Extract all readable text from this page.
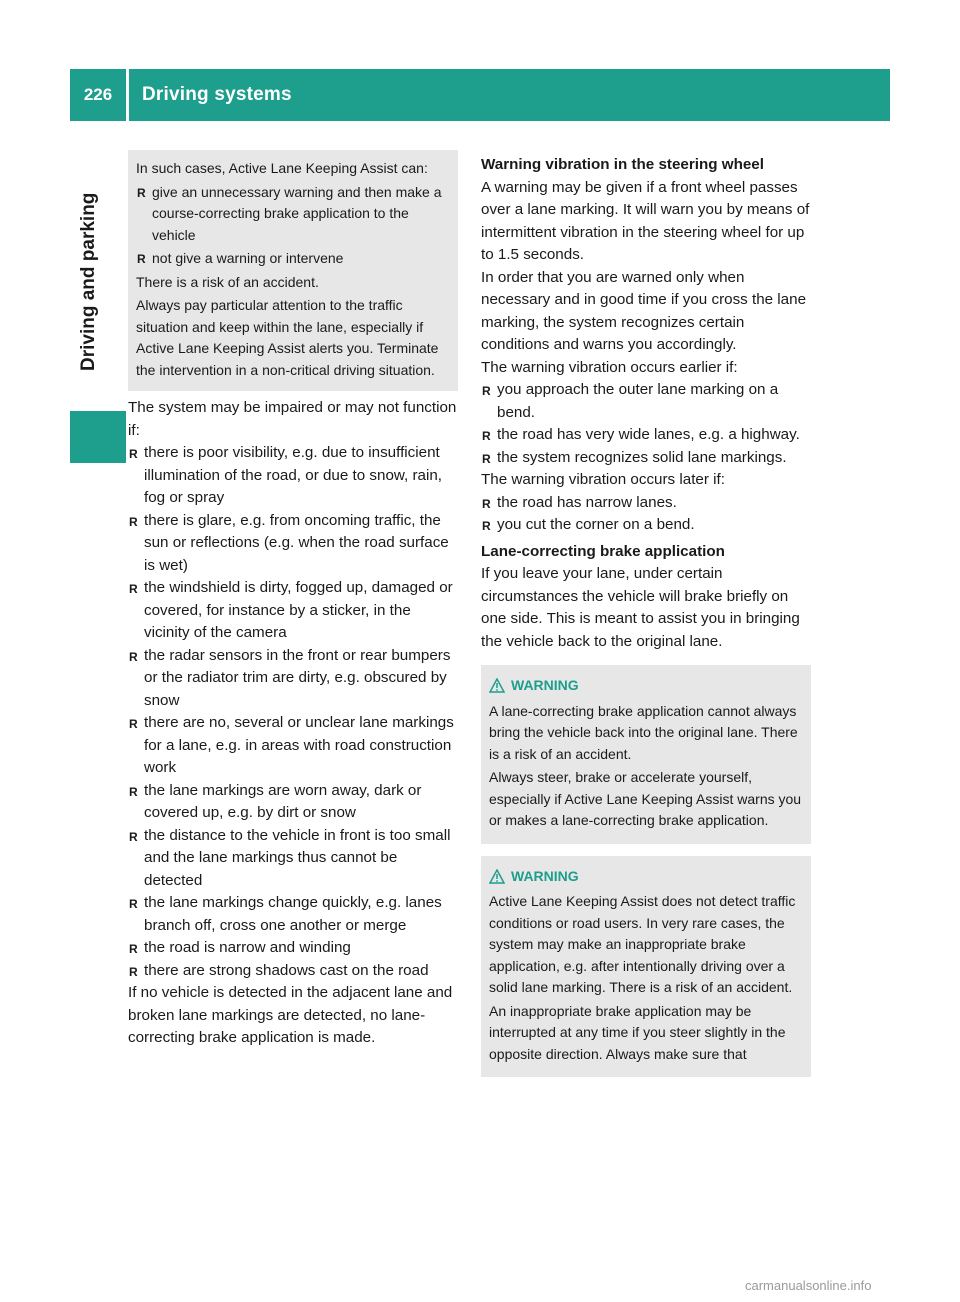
226	Driving systems
Driving and parking

In such cases, Active Lane Keeping Assist can:

R give an unnecessary warning and then make a course-correcting brake application to the vehicle

R not give a warning or intervene

There is a risk of an accident.

Always pay particular attention to the traffic situation and keep within the lane, especially if Active Lane Keeping Assist alerts you. Terminate the intervention in a non-critical driving situation.

The system may be impaired or may not function if:

R there is poor visibility, e.g. due to insufficient illumination of the road, or due to snow, rain, fog or spray

R there is glare, e.g. from oncoming traffic, the sun or reflections (e.g. when the road surface is wet)

R the windshield is dirty, fogged up, damaged or covered, for instance by a sticker, in the vicinity of the camera

R the radar sensors in the front or rear bumpers or the radiator trim are dirty, e.g. obscured by snow

R there are no, several or unclear lane markings for a lane, e.g. in areas with road construction work

R the lane markings are worn away, dark or covered up, e.g. by dirt or snow

R the distance to the vehicle in front is too small and the lane markings thus cannot be detected

R the lane markings change quickly, e.g. lanes branch off, cross one another or merge

R the road is narrow and winding

R there are strong shadows cast on the road

If no vehicle is detected in the adjacent lane and broken lane markings are detected, no lane-correcting brake application is made.

Warning vibration in the steering wheel

A warning may be given if a front wheel passes over a lane marking. It will warn you by means of intermittent vibration in the steering wheel for up to 1.5 seconds.

In order that you are warned only when necessary and in good time if you cross the lane marking, the system recognizes certain conditions and warns you accordingly.

The warning vibration occurs earlier if:

R you approach the outer lane marking on a bend.

R the road has very wide lanes, e.g. a highway.

R the system recognizes solid lane markings.

The warning vibration occurs later if:

R the road has narrow lanes.

R you cut the corner on a bend.

Lane-correcting brake application

If you leave your lane, under certain circumstances the vehicle will brake briefly on one side. This is meant to assist you in bringing the vehicle back to the original lane.

WARNING

A lane-correcting brake application cannot always bring the vehicle back into the original lane. There is a risk of an accident.

Always steer, brake or accelerate yourself, especially if Active Lane Keeping Assist warns you or makes a lane-correcting brake application.

WARNING

Active Lane Keeping Assist does not detect traffic conditions or road users. In very rare cases, the system may make an inappropriate brake application, e.g. after intentionally driving over a solid lane marking. There is a risk of an accident.

An inappropriate brake application may be interrupted at any time if you steer slightly in the opposite direction. Always make sure that

carmanualsonline.info
